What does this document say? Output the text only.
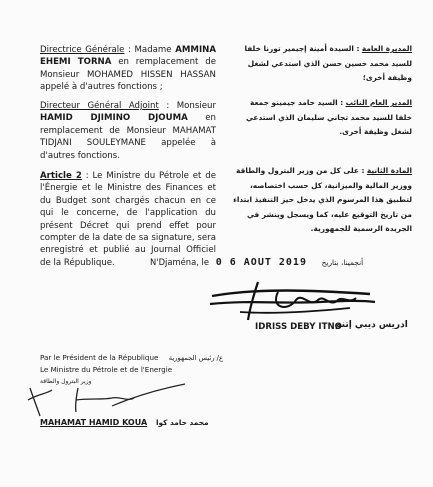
Directrice Générale : Madame AMMINA EHEMI TORNA en remplacement de Monsieur MOHAMED HISSEN HASSAN appelé à d'autres fonctions ;

Directeur Général Adjoint : Monsieur HAMID DJIMINO DJOUMA en remplacement de Monsieur MAHAMAT TIDJANI SOULEYMANE appelée à d'autres fonctions.

Article 2 : Le Ministre du Pétrole et de l'Énergie et le Ministre des Finances et du Budget sont chargés chacun en ce qui le concerne, de l'application du présent Décret qui prend effet pour compter de la date de sa signature, sera enregistré et publié au Journal Officiel de la République.

المديرة العامة : السيدة أمينة إجيمير تورنا خلفا للسيد محمد حسين حسن الذي استدعي لشغل وظيفة أخرى؛

المدير العام النائب : السيد حامد جيمينو جمعة خلفا للسيد محمد تجاني سليمان الذي استدعي لشغل وظيفة أخرى.

المادة الثانية : على كل من وزير البترول والطاقة ووزير المالية والميزانية، كل حسب اختصاصه، لتطبيق هذا المرسوم الذي يدخل حيز التنفيذ ابتداء من تاريخ التوقيع عليه، كما ويسجل وينشر في الجريدة الرسمية للجمهورية.

N'Djaména, le 0 6 AOUT 2019 أنجمينا، بتاريخ
IDRISS DEBY ITNO
ادريس ديبي إتنو
Par le Président de la République ع/ رئيس الجمهورية
Le Ministre du Pétrole et de l'Energie
وزير البترول والطاقة
MAHAMAT HAMID KOUA محمد حامد كوا
